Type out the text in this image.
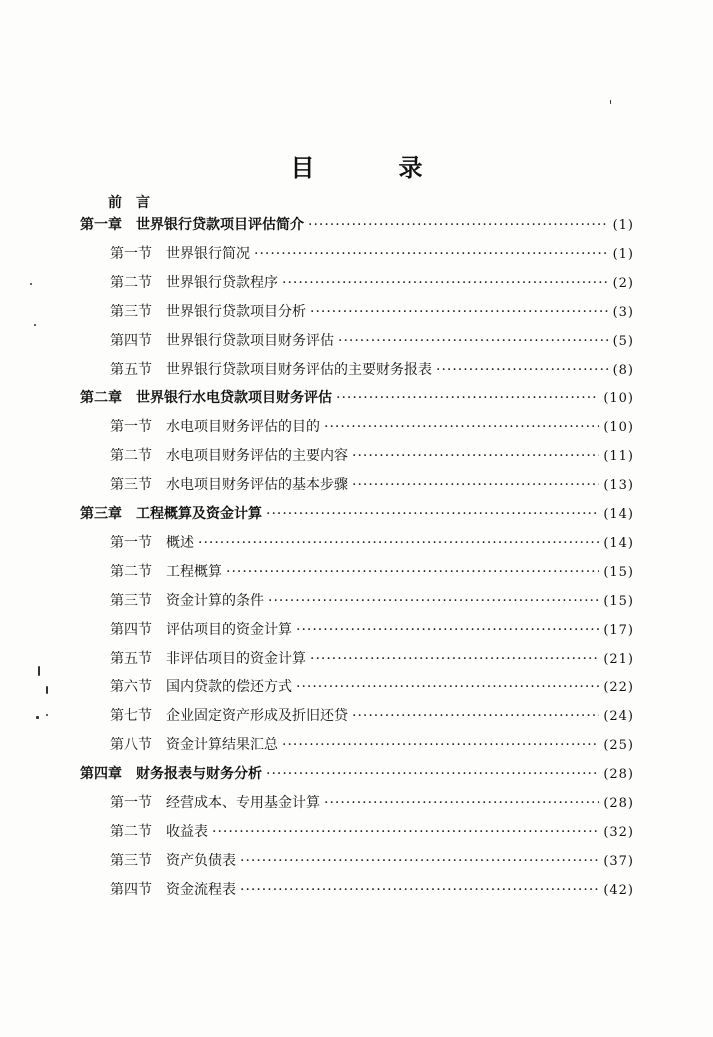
目　录
前言
第一章 世界银行贷款项目评估简介 ·····	(1)
第一节 世界银行简况 ·····	(1)
第二节 世界银行贷款程序 ·····	(2)
第三节 世界银行贷款项目分析 ·····	(3)
第四节 世界银行贷款项目财务评估 ·····	(5)
第五节 世界银行贷款项目财务评估的主要财务报表 ·····	(8)
第二章 世界银行水电贷款项目财务评估 ·····	(10)
第一节 水电项目财务评估的目的 ·····	(10)
第二节 水电项目财务评估的主要内容 ·····	(11)
第三节 水电项目财务评估的基本步骤 ·····	(13)
第三章 工程概算及资金计算 ·····	(14)
第一节 概述 ·····	(14)
第二节 工程概算 ·····	(15)
第三节 资金计算的条件 ·····	(15)
第四节 评估项目的资金计算 ·····	(17)
第五节 非评估项目的资金计算 ·····	(21)
第六节 国内贷款的偿还方式 ·····	(22)
第七节 企业固定资产形成及折旧还贷 ·····	(24)
第八节 资金计算结果汇总 ·····	(25)
第四章 财务报表与财务分析 ·····	(28)
第一节 经营成本、专用基金计算 ·····	(28)
第二节 收益表 ·····	(32)
第三节 资产负债表 ·····	(37)
第四节 资金流程表 ·····	(42)
